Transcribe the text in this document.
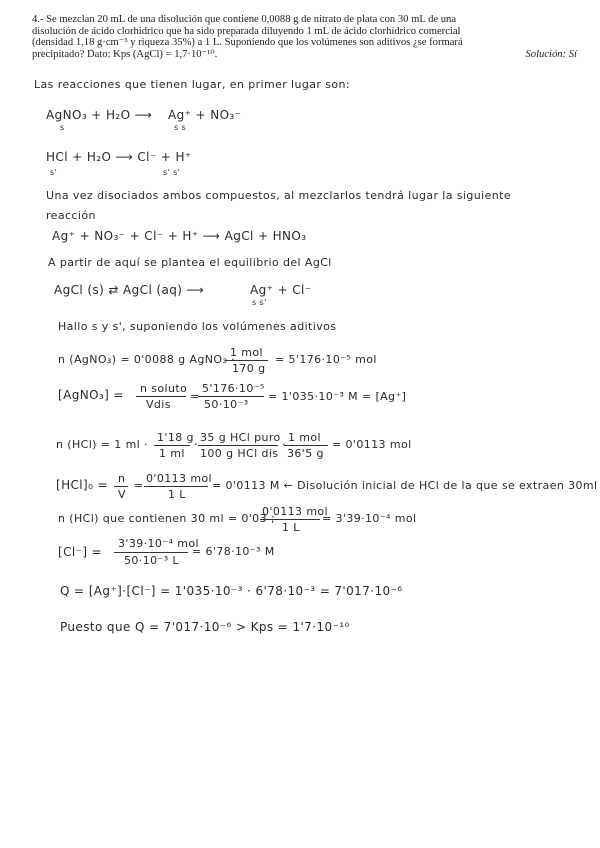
4.- Se mezclan 20 mL de una disolución que contiene 0,0088 g de nitrato de plata con 30 mL de una
disolución de ácido clorhídrico que ha sido preparada diluyendo 1 mL de ácido clorhídrico comercial
(densidad 1,18 g·cm⁻³ y riqueza 35%) a 1 L. Suponiendo que los volúmenes son aditivos ¿se formará
precipitado? Dato: Kps (AgCl) = 1,7·10⁻¹⁰.	Solución: Sí
Las reacciones que tienen lugar, en primer lugar son:
AgNO₃ + H₂O ⟶
s
Ag⁺ + NO₃⁻
s s
HCl + H₂O ⟶ Cl⁻ + H⁺
s'	s' s'
Una vez disociados ambos compuestos, al mezclarlos tendrá lugar la siguiente
reacción
Ag⁺ + NO₃⁻ + Cl⁻ + H⁺ ⟶ AgCl + HNO₃
A partir de aquí se plantea el equilibrio del AgCl
AgCl (s) ⇄ AgCl (aq) ⟶	Ag⁺ + Cl⁻
s s'
Hallo s y s', suponiendo los volúmenes aditivos
n (AgNO₃) = 0'0088 g AgNO₃ ·
1 mol
170 g
= 5'176·10⁻⁵ mol
[AgNO₃] = n soluto
Vdis
=
5'176·10⁻⁵
50·10⁻³
= 1'035·10⁻³ M = [Ag⁺]
n (HCl) = 1 ml ·
1'18 g
1 ml
·
35 g HCl puro
100 g HCl dis
·
1 mol
36'5 g
= 0'0113 mol
[HCl]₀ = n
V
=
0'0113 mol
1 L
= 0'0113 M ← Disolución inicial de HCl de la que se extraen 30ml
n (HCl) que contienen 30 ml = 0'03 ;
0'0113 mol
1 L
= 3'39·10⁻⁴ mol
[Cl⁻] =
3'39·10⁻⁴ mol
50·10⁻³ L
= 6'78·10⁻³ M
Q = [Ag⁺]·[Cl⁻] = 1'035·10⁻³ · 6'78·10⁻³ = 7'017·10⁻⁶
Puesto que Q = 7'017·10⁻⁶ > Kps = 1'7·10⁻¹⁰
